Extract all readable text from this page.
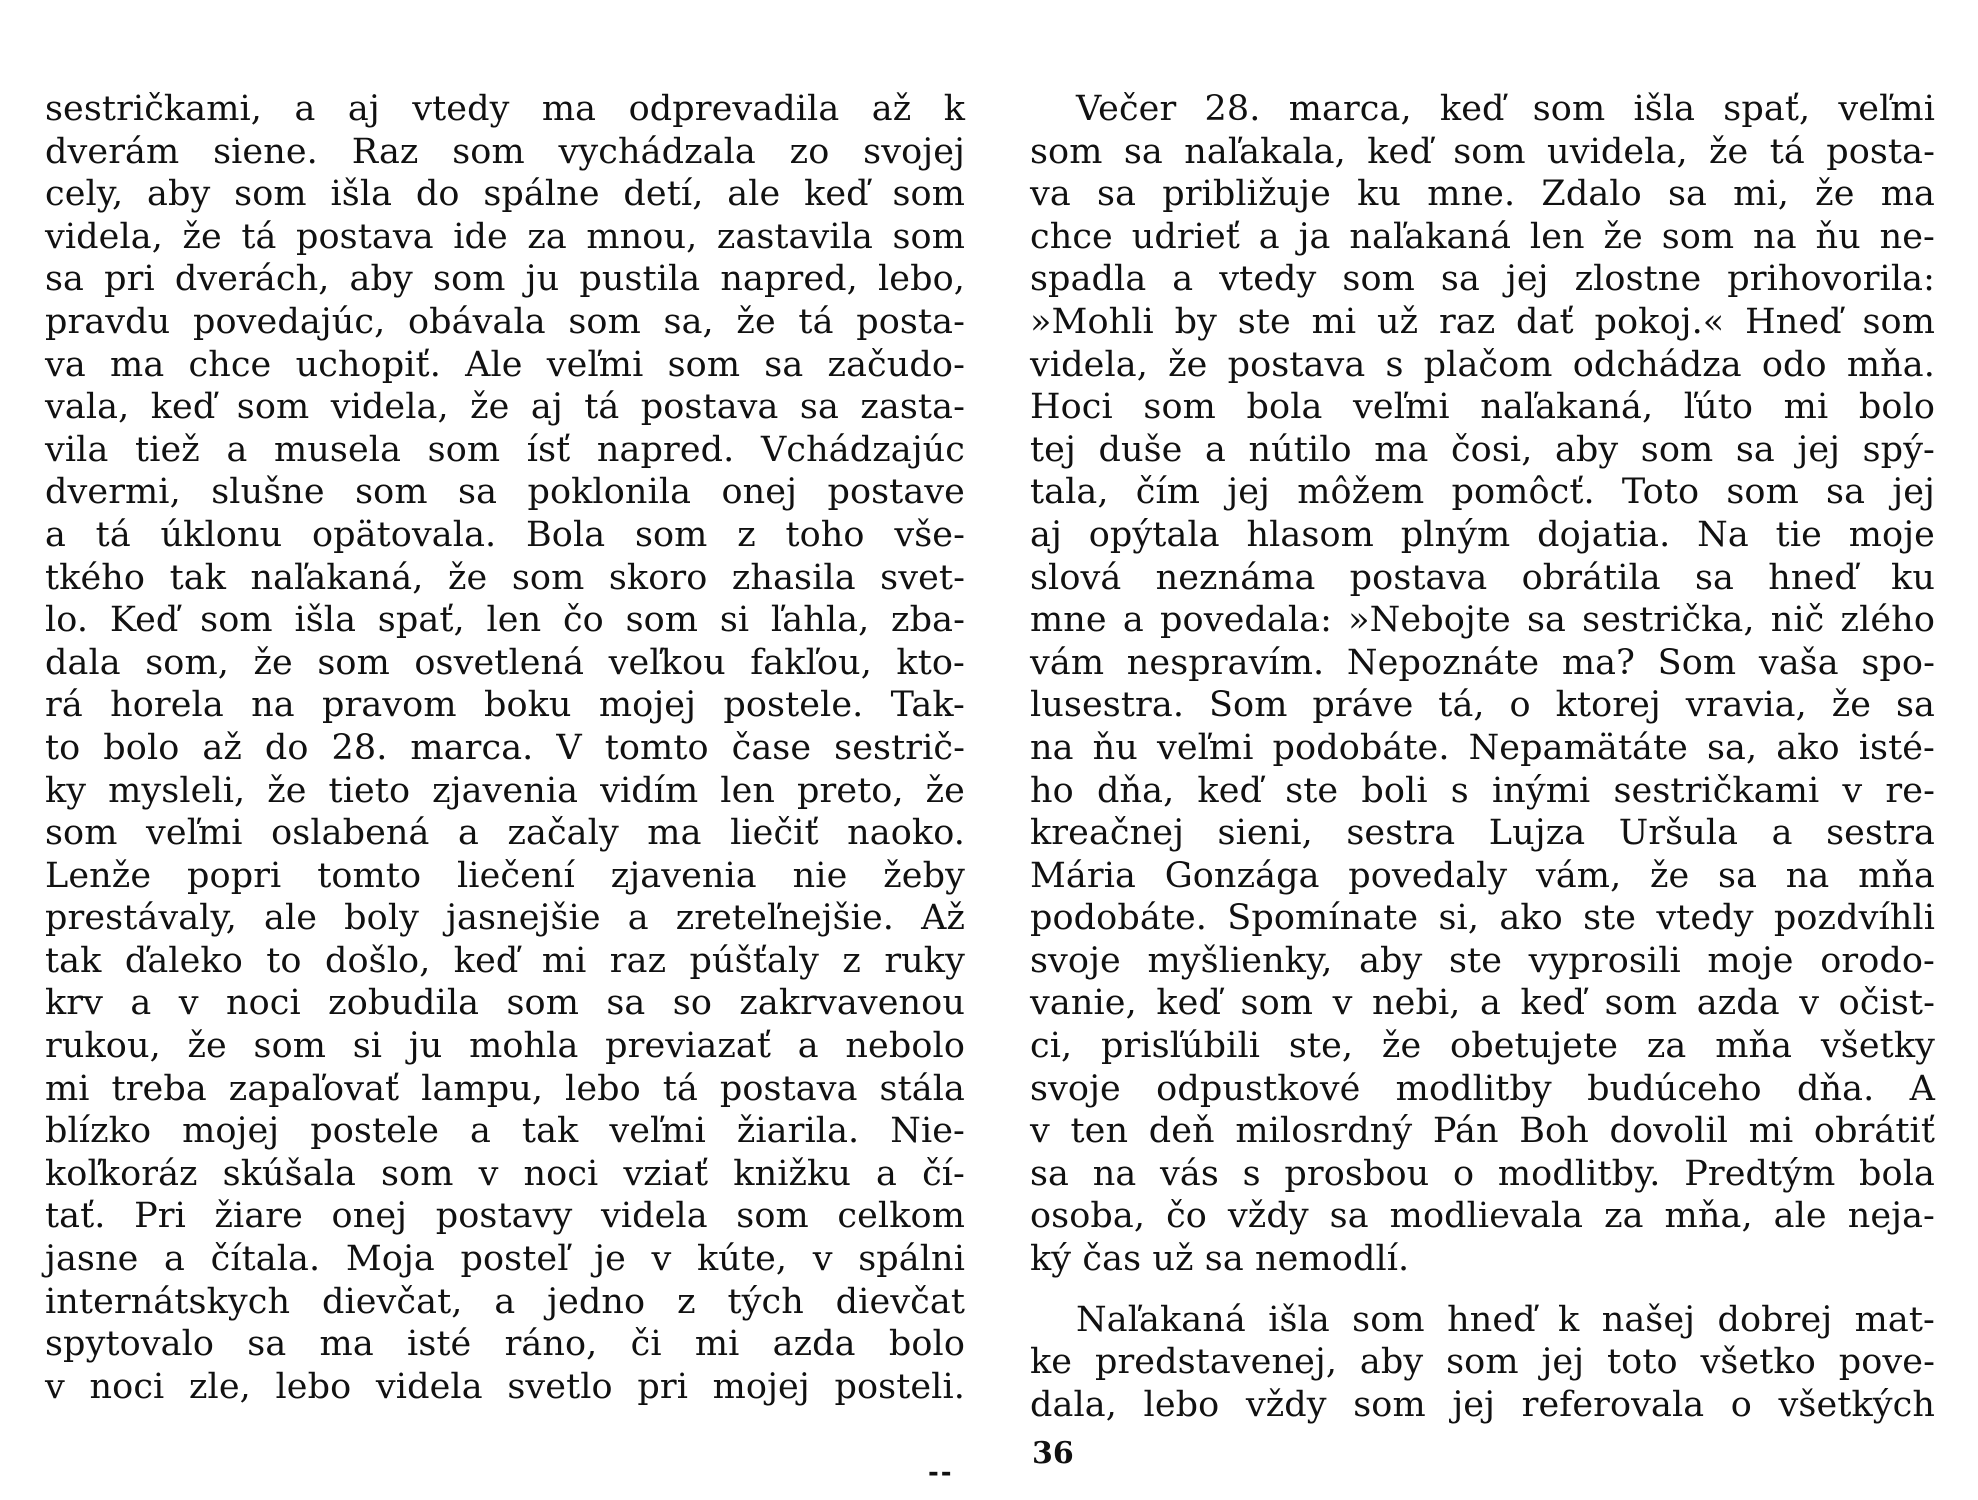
sestričkami, a aj vtedy ma odprevadila až k
dverám siene. Raz som vychádzala zo svojej
cely, aby som išla do spálne detí, ale keď som
videla, že tá postava ide za mnou, zastavila som
sa pri dverách, aby som ju pustila napred, lebo,
pravdu povedajúc, obávala som sa, že tá posta-
va ma chce uchopiť. Ale veľmi som sa začudo-
vala, keď som videla, že aj tá postava sa zasta-
vila tiež a musela som ísť napred. Vchádzajúc
dvermi, slušne som sa poklonila onej postave
a tá úklonu opätovala. Bola som z toho vše-
tkého tak naľakaná, že som skoro zhasila svet-
lo. Keď som išla spať, len čo som si ľahla, zba-
dala som, že som osvetlená veľkou fakľou, kto-
rá horela na pravom boku mojej postele. Tak-
to bolo až do 28. marca. V tomto čase sestrič-
ky mysleli, že tieto zjavenia vidím len preto, že
som veľmi oslabená a začaly ma liečiť naoko.
Lenže popri tomto liečení zjavenia nie žeby
prestávaly, ale boly jasnejšie a zreteľnejšie. Až
tak ďaleko to došlo, keď mi raz púšťaly z ruky
krv a v noci zobudila som sa so zakrvavenou
rukou, že som si ju mohla previazať a nebolo
mi treba zapaľovať lampu, lebo tá postava stála
blízko mojej postele a tak veľmi žiarila. Nie-
koľkoráz skúšala som v noci vziať knižku a čí-
tať. Pri žiare onej postavy videla som celkom
jasne a čítala. Moja posteľ je v kúte, v spálni
internátskych dievčat, a jedno z tých dievčat
spytovalo sa ma isté ráno, či mi azda bolo
v noci zle, lebo videla svetlo pri mojej posteli.
Večer 28. marca, keď som išla spať, veľmi
som sa naľakala, keď som uvidela, že tá posta-
va sa približuje ku mne. Zdalo sa mi, že ma
chce udrieť a ja naľakaná len že som na ňu ne-
spadla a vtedy som sa jej zlostne prihovorila:
»Mohli by ste mi už raz dať pokoj.« Hneď som
videla, že postava s plačom odchádza odo mňa.
Hoci som bola veľmi naľakaná, ľúto mi bolo
tej duše a nútilo ma čosi, aby som sa jej spý-
tala, čím jej môžem pomôcť. Toto som sa jej
aj opýtala hlasom plným dojatia. Na tie moje
slová neznáma postava obrátila sa hneď ku
mne a povedala: »Nebojte sa sestrička, nič zlého
vám nespravím. Nepoznáte ma? Som vaša spo-
lusestra. Som práve tá, o ktorej vravia, že sa
na ňu veľmi podobáte. Nepamätáte sa, ako isté-
ho dňa, keď ste boli s inými sestričkami v re-
kreačnej sieni, sestra Lujza Uršula a sestra
Mária Gonzága povedaly vám, že sa na mňa
podobáte. Spomínate si, ako ste vtedy pozdvíhli
svoje myšlienky, aby ste vyprosili moje orodo-
vanie, keď som v nebi, a keď som azda v očist-
ci, prisľúbili ste, že obetujete za mňa všetky
svoje odpustkové modlitby budúceho dňa. A
v ten deň milosrdný Pán Boh dovolil mi obrátiť
sa na vás s prosbou o modlitby. Predtým bola
osoba, čo vždy sa modlievala za mňa, ale neja-
ký čas už sa nemodlí.
Naľakaná išla som hneď k našej dobrej mat-
ke predstavenej, aby som jej toto všetko pove-
dala, lebo vždy som jej referovala o všetkých
--
36
